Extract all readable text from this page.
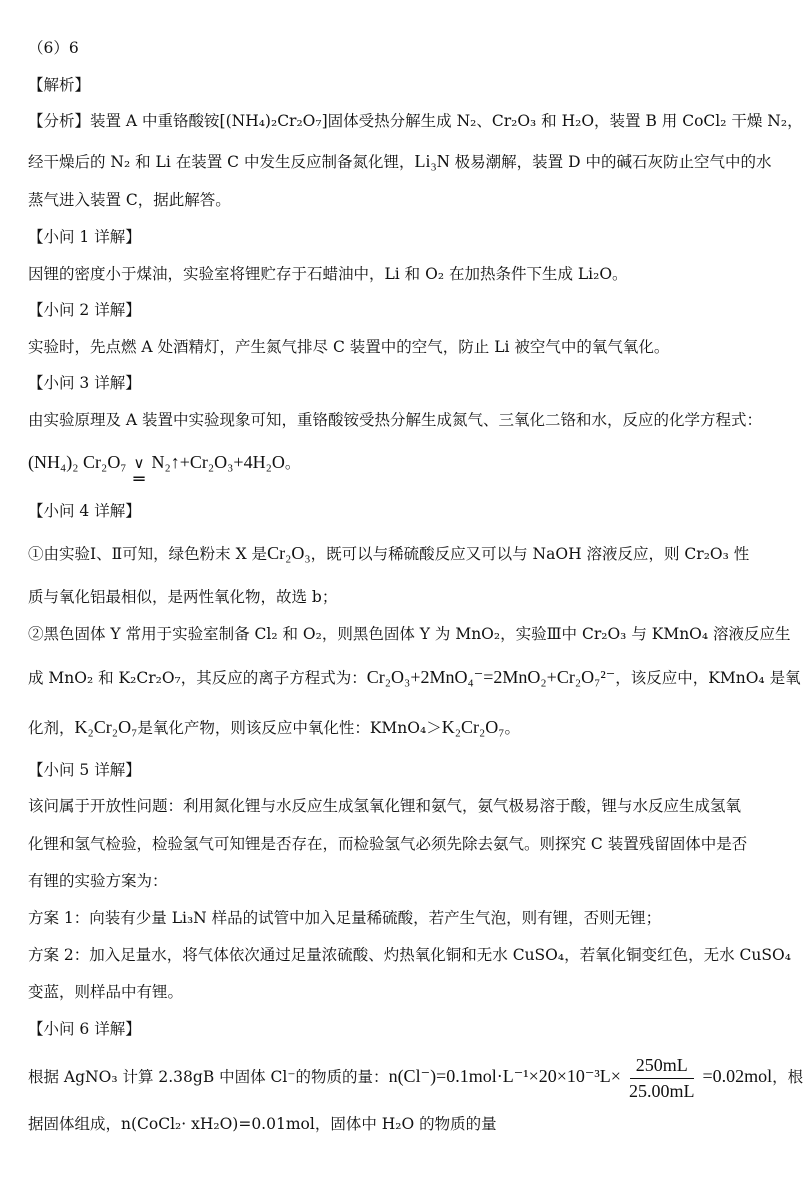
（6）6

【解析】

【分析】装置 A 中重铬酸铵[(NH₄)₂Cr₂O₇]固体受热分解生成 N₂、Cr₂O₃ 和 H₂O，装置 B 用 CoCl₂ 干燥 N₂，
经干燥后的 N₂ 和 Li 在装置 C 中发生反应制备氮化锂，Li₃N 极易潮解，装置 D 中的碱石灰防止空气中的水
蒸气进入装置 C，据此解答。

【小问 1 详解】

因锂的密度小于煤油，实验室将锂贮存于石蜡油中，Li 和 O₂ 在加热条件下生成 Li₂O。

【小问 2 详解】

实验时，先点燃 A 处酒精灯，产生氮气排尽 C 装置中的空气，防止 Li 被空气中的氧气氧化。

【小问 3 详解】

由实验原理及 A 装置中实验现象可知，重铬酸铵受热分解生成氮气、三氧化二铬和水，反应的化学方程式：

(NH₄)₂ Cr₂O₇ ∨
═
N₂↑+Cr₂O₃+4H₂O。

【小问 4 详解】

①由实验Ⅰ、Ⅱ可知，绿色粉末 X 是Cr₂O₃，既可以与稀硫酸反应又可以与 NaOH 溶液反应，则 Cr₂O₃ 性
质与氧化铝最相似，是两性氧化物，故选 b；
②黑色固体 Y 常用于实验室制备 Cl₂ 和 O₂，则黑色固体 Y 为 MnO₂，实验Ⅲ中 Cr₂O₃ 与 KMnO₄ 溶液反应生
成 MnO₂ 和 K₂Cr₂O₇，其反应的离子方程式为：Cr₂O₃+2MnO₄⁻=2MnO₂+Cr₂O₇²⁻，该反应中，KMnO₄ 是氧
化剂，K₂Cr₂O₇是氧化产物，则该反应中氧化性：KMnO₄＞K₂Cr₂O₇。

【小问 5 详解】

该问属于开放性问题：利用氮化锂与水反应生成氢氧化锂和氨气，氨气极易溶于酸，锂与水反应生成氢氧
化锂和氢气检验，检验氢气可知锂是否存在，而检验氢气必须先除去氨气。则探究 C 装置残留固体中是否
有锂的实验方案为：

方案 1：向装有少量 Li₃N 样品的试管中加入足量稀硫酸，若产生气泡，则有锂，否则无锂；

方案 2：加入足量水，将气体依次通过足量浓硫酸、灼热氧化铜和无水 CuSO₄，若氧化铜变红色，无水 CuSO₄
变蓝，则样品中有锂。

【小问 6 详解】

根据 AgNO₃ 计算 2.38gB 中固体 Cl⁻的物质的量：$n(Cl^-)=0.1mol\cdot L^{-1}\times 20\times 10^{-3}L\times \frac{250mL}{25.00mL} =0.02mol$，根

据固体组成，n(CoCl₂· xH₂O)=0.01mol，固体中 H₂O 的物质的量
